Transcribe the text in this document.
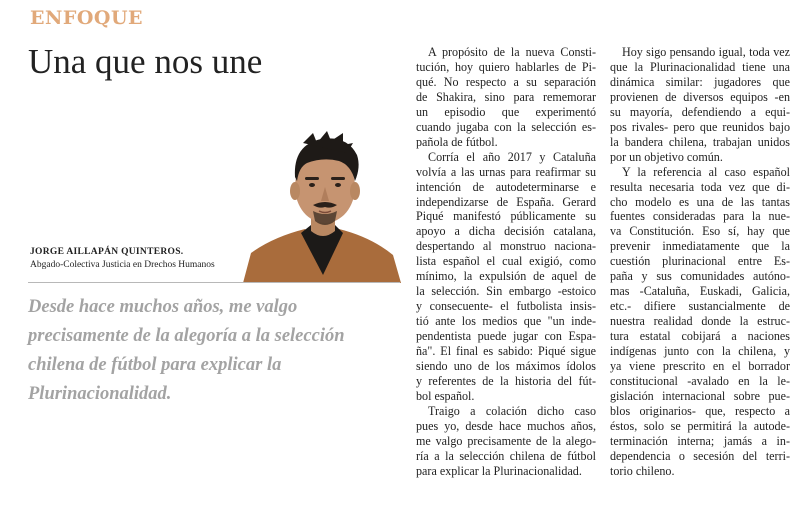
ENFOQUE
Una que nos une
JORGE AILLAPÁN QUINTEROS.
Abgado-Colectiva Justicia en Drechos Humanos
Desde hace muchos años, me valgo
precisamente de la alegoría a la selección
chilena de fútbol para explicar la
Plurinacionalidad.

A propósito de la nueva Consti-
tución, hoy quiero hablarles de Pi-
qué. No respecto a su separación
de Shakira, sino para rememorar
un episodio que experimentó
cuando jugaba con la selección es-
pañola de fútbol.

Corría el año 2017 y Cataluña
volvía a las urnas para reafirmar su
intención de autodeterminarse e
independizarse de España. Gerard
Piqué manifestó públicamente su
apoyo a dicha decisión catalana,
despertando al monstruo naciona-
lista español el cual exigió, como
mínimo, la expulsión de aquel de
la selección. Sin embargo -estoico
y consecuente- el futbolista insis-
tió ante los medios que "un inde-
pendentista puede jugar con Espa-
ña". El final es sabido: Piqué sigue
siendo uno de los máximos ídolos
y referentes de la historia del fút-
bol español.

Traigo a colación dicho caso
pues yo, desde hace muchos años,
me valgo precisamente de la alego-
ría a la selección chilena de fútbol
para explicar la Plurinacionalidad.

Hoy sigo pensando igual, toda vez
que la Plurinacionalidad tiene una
dinámica similar: jugadores que
provienen de diversos equipos -en
su mayoría, defendiendo a equi-
pos rivales- pero que reunidos bajo
la bandera chilena, trabajan unidos
por un objetivo común.

Y la referencia al caso español
resulta necesaria toda vez que di-
cho modelo es una de las tantas
fuentes consideradas para la nue-
va Constitución. Eso sí, hay que
prevenir inmediatamente que la
cuestión plurinacional entre Es-
paña y sus comunidades autóno-
mas -Cataluña, Euskadi, Galicia,
etc.- difiere sustancialmente de
nuestra realidad donde la estruc-
tura estatal cobijará a naciones
indígenas junto con la chilena, y
ya viene prescrito en el borrador
constitucional -avalado en la le-
gislación internacional sobre pue-
blos originarios- que, respecto a
éstos, solo se permitirá la autode-
terminación interna; jamás a in-
dependencia o secesión del terri-
torio chileno.
